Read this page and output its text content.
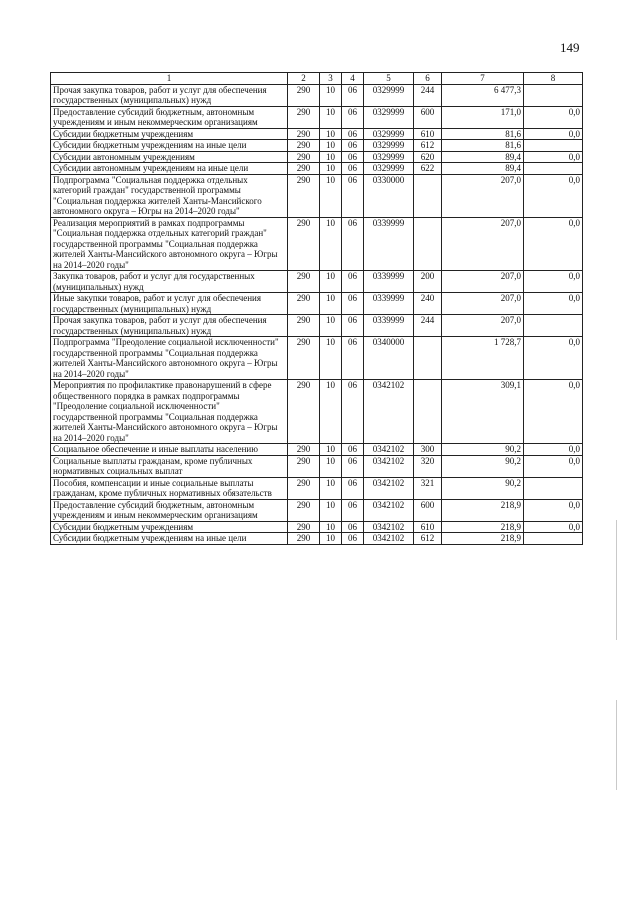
149
1	2	3	4	5	6	7	8
Прочая закупка товаров, работ и услуг для обеспечения государственных (муниципальных) нужд	290	10	06	0329999	244	6 477,3	
Предоставление субсидий бюджетным, автономным учреждениям и иным некоммерческим организациям	290	10	06	0329999	600	171,0	0,0
Субсидии бюджетным учреждениям	290	10	06	0329999	610	81,6	0,0
Субсидии бюджетным учреждениям на иные цели	290	10	06	0329999	612	81,6	
Субсидии автономным учреждениям	290	10	06	0329999	620	89,4	0,0
Субсидии автономным учреждениям на иные цели	290	10	06	0329999	622	89,4	
Подпрограмма "Социальная поддержка отдельных категорий граждан" государственной программы "Социальная поддержка жителей Ханты-Мансийского автономного округа – Югры на 2014–2020 годы"	290	10	06	0330000		207,0	0,0
Реализация мероприятий в рамках подпрограммы "Социальная поддержка отдельных категорий граждан" государственной программы "Социальная поддержка жителей Ханты-Мансийского автономного округа – Югры на 2014–2020 годы"	290	10	06	0339999		207,0	0,0
Закупка товаров, работ и услуг для государственных (муниципальных) нужд	290	10	06	0339999	200	207,0	0,0
Иные закупки товаров, работ и услуг для обеспечения государственных (муниципальных) нужд	290	10	06	0339999	240	207,0	0,0
Прочая закупка товаров, работ и услуг для обеспечения государственных (муниципальных) нужд	290	10	06	0339999	244	207,0	
Подпрограмма "Преодоление социальной исключенности" государственной программы "Социальная поддержка жителей Ханты-Мансийского автономного округа – Югры на 2014–2020 годы"	290	10	06	0340000		1 728,7	0,0
Мероприятия по профилактике правонарушений в сфере общественного порядка в рамках подпрограммы "Преодоление социальной исключенности" государственной программы "Социальная поддержка жителей Ханты-Мансийского автономного округа – Югры на 2014–2020 годы"	290	10	06	0342102		309,1	0,0
Социальное обеспечение и иные выплаты населению	290	10	06	0342102	300	90,2	0,0
Социальные выплаты гражданам, кроме публичных нормативных социальных выплат	290	10	06	0342102	320	90,2	0,0
Пособия, компенсации и иные социальные выплаты гражданам, кроме публичных нормативных обязательств	290	10	06	0342102	321	90,2	
Предоставление субсидий бюджетным, автономным учреждениям и иным некоммерческим организациям	290	10	06	0342102	600	218,9	0,0
Субсидии бюджетным учреждениям	290	10	06	0342102	610	218,9	0,0
Субсидии бюджетным учреждениям на иные цели	290	10	06	0342102	612	218,9	
